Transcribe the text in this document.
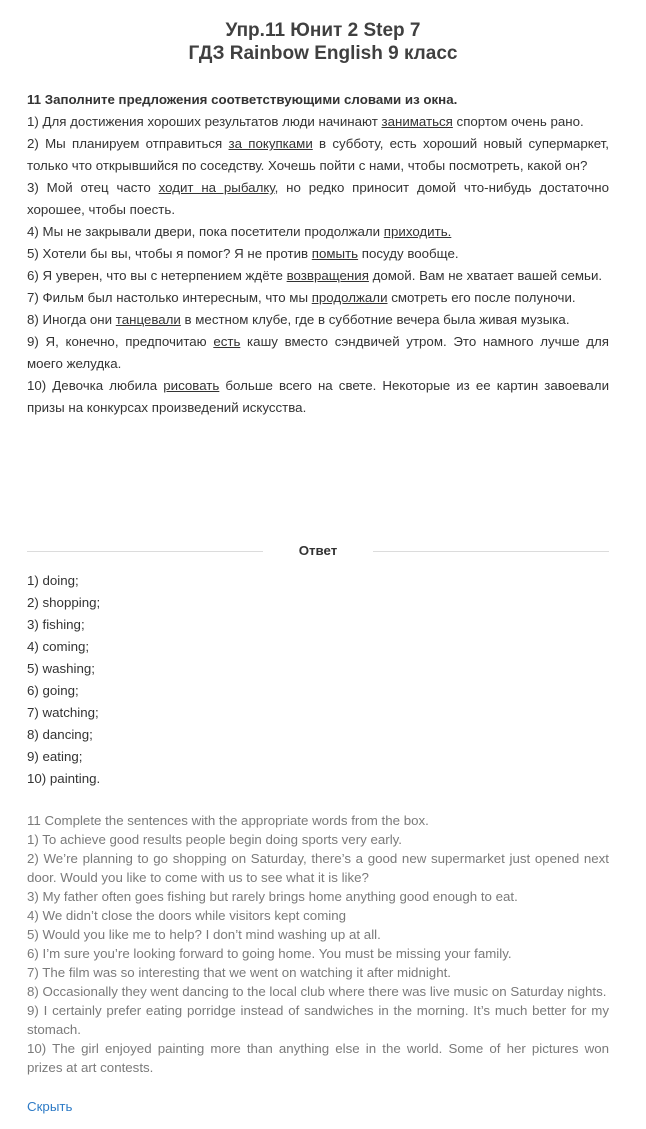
Упр.11 Юнит 2 Step 7
ГДЗ Rainbow English 9 класс

11 Заполните предложения соответствующими словами из окна.

1) Для достижения хороших результатов люди начинают заниматься спортом очень рано.

2) Мы планируем отправиться за покупками в субботу, есть хороший новый супермаркет, только что открывшийся по соседству. Хочешь пойти с нами, чтобы посмотреть, какой он?

3) Мой отец часто ходит на рыбалку, но редко приносит домой что-нибудь достаточно хорошее, чтобы поесть.

4) Мы не закрывали двери, пока посетители продолжали приходить.

5) Хотели бы вы, чтобы я помог? Я не против помыть посуду вообще.

6) Я уверен, что вы с нетерпением ждёте возвращения домой. Вам не хватает вашей семьи.

7) Фильм был настолько интересным, что мы продолжали смотреть его после полуночи.

8) Иногда они танцевали в местном клубе, где в субботние вечера была живая музыка.

9) Я, конечно, предпочитаю есть кашу вместо сэндвичей утром. Это намного лучше для моего желудка.

10) Девочка любила рисовать больше всего на свете. Некоторые из ее картин завоевали призы на конкурсах произведений искусства.

Ответ
1) doing;
2) shopping;
3) fishing;
4) coming;
5) washing;
6) going;
7) watching;
8) dancing;
9) eating;
10) painting.

11 Complete the sentences with the appropriate words from the box.

1) To achieve good results people begin doing sports very early.

2) We’re planning to go shopping on Saturday, there’s a good new supermarket just opened next door. Would you like to come with us to see what it is like?

3) My father often goes fishing but rarely brings home anything good enough to eat.

4) We didn’t close the doors while visitors kept coming

5) Would you like me to help? I don’t mind washing up at all.

6) I’m sure you’re looking forward to going home. You must be missing your family.

7) The film was so interesting that we went on watching it after midnight.

8) Occasionally they went dancing to the local club where there was live music on Saturday nights.

9) I certainly prefer eating porridge instead of sandwiches in the morning. It’s much better for my stomach.

10) The girl enjoyed painting more than anything else in the world. Some of her pictures won prizes at art contests.

Скрыть
